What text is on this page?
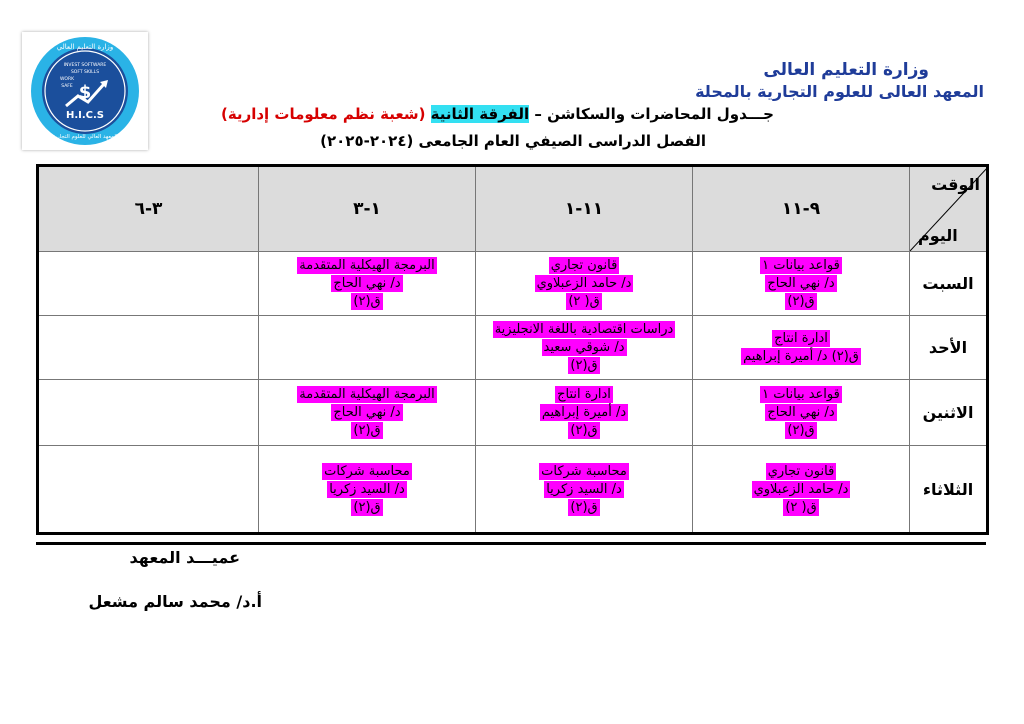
وزارة التعليم العالي
INVEST SOFTWARE
SOFT SKILLS
WORK
SAFE $
H.I.C.S
المعهد العالي للعلوم التجارية
وزارة التعليم العالى
المعهد العالى للعلوم التجارية بالمحلة
جـــدول المحاضرات والسكاشن – الفرقة الثانية (شعبة نظم معلومات إدارية)
الفصل الدراسى الصيفي العام الجامعى (٢٠٢٤-٢٠٢٥)
الوقت
اليوم	٩-١١	١١-١	١-٣	٣-٦
السبت	قواعد بيانات ١
د/ نهي الحاج
ق(٢)	قانون تجاري
د/ حامد الزعبلاوي
ق( ٢)	البرمجة الهيكلية المتقدمة
د/ نهي الحاج
ق(٢)	

الأحد	ادارة انتاج
ق(٢) د/ أميرة إبراهيم	دراسات اقتصادية باللغة الانجليزية
د/ شوقي سعيد
ق(٢)		

الاثنين	قواعد بيانات ١
د/ نهي الحاج
ق(٢)	ادارة انتاج
د/ أميرة إبراهيم
ق(٢)	البرمجة الهيكلية المتقدمة
د/ نهي الحاج
ق(٢)	

الثلاثاء	قانون تجاري
د/ حامد الزعبلاوي
ق( ٢)	محاسبة شركات
د/ السيد زكريا
ق(٢)	محاسبة شركات
د/ السيد زكريا
ق(٢)	

عميـــد المعهد
أ.د/ محمد سالم مشعل
